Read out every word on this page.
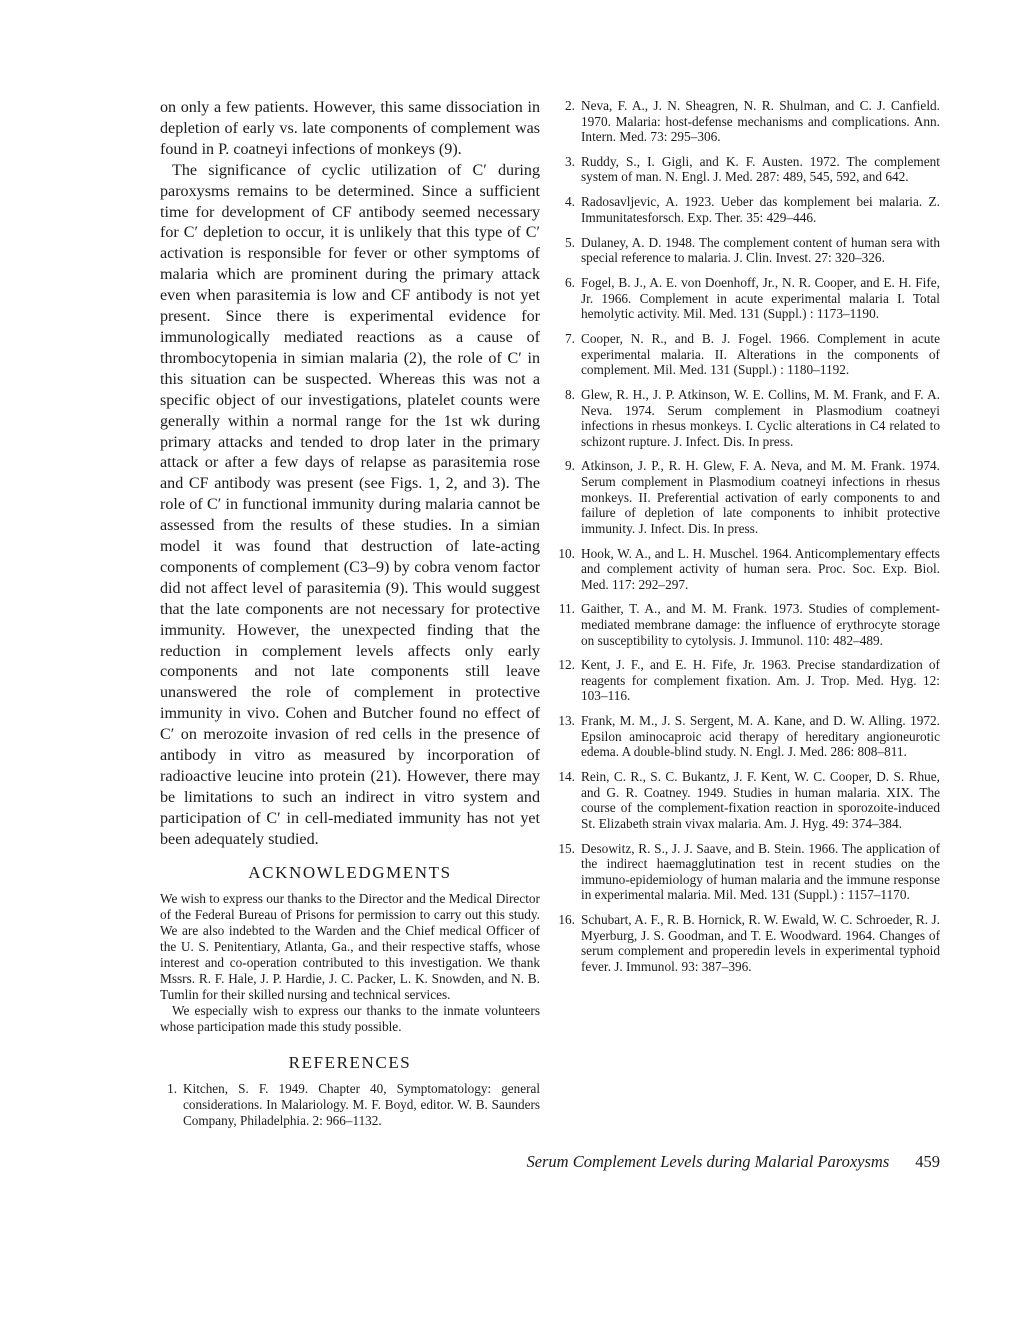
on only a few patients. However, this same dissociation in depletion of early vs. late components of complement was found in P. coatneyi infections of monkeys (9).

The significance of cyclic utilization of C′ during paroxysms remains to be determined. Since a sufficient time for development of CF antibody seemed necessary for C′ depletion to occur, it is unlikely that this type of C′ activation is responsible for fever or other symptoms of malaria which are prominent during the primary attack even when parasitemia is low and CF antibody is not yet present. Since there is experimental evidence for immunologically mediated reactions as a cause of thrombocytopenia in simian malaria (2), the role of C′ in this situation can be suspected. Whereas this was not a specific object of our investigations, platelet counts were generally within a normal range for the 1st wk during primary attacks and tended to drop later in the primary attack or after a few days of relapse as parasitemia rose and CF antibody was present (see Figs. 1, 2, and 3). The role of C′ in functional immunity during malaria cannot be assessed from the results of these studies. In a simian model it was found that destruction of late-acting components of complement (C3–9) by cobra venom factor did not affect level of parasitemia (9). This would suggest that the late components are not necessary for protective immunity. However, the unexpected finding that the reduction in complement levels affects only early components and not late components still leave unanswered the role of complement in protective immunity in vivo. Cohen and Butcher found no effect of C′ on merozoite invasion of red cells in the presence of antibody in vitro as measured by incorporation of radioactive leucine into protein (21). However, there may be limitations to such an indirect in vitro system and participation of C′ in cell-mediated immunity has not yet been adequately studied.

ACKNOWLEDGMENTS

We wish to express our thanks to the Director and the Medical Director of the Federal Bureau of Prisons for permission to carry out this study. We are also indebted to the Warden and the Chief medical Officer of the U. S. Penitentiary, Atlanta, Ga., and their respective staffs, whose interest and co-operation contributed to this investigation. We thank Mssrs. R. F. Hale, J. P. Hardie, J. C. Packer, L. K. Snowden, and N. B. Tumlin for their skilled nursing and technical services.

We especially wish to express our thanks to the inmate volunteers whose participation made this study possible.

REFERENCES
1. Kitchen, S. F. 1949. Chapter 40, Symptomatology: general considerations. In Malariology. M. F. Boyd, editor. W. B. Saunders Company, Philadelphia. 2: 966–1132.
2. Neva, F. A., J. N. Sheagren, N. R. Shulman, and C. J. Canfield. 1970. Malaria: host-defense mechanisms and complications. Ann. Intern. Med. 73: 295–306.
3. Ruddy, S., I. Gigli, and K. F. Austen. 1972. The complement system of man. N. Engl. J. Med. 287: 489, 545, 592, and 642.
4. Radosavljevic, A. 1923. Ueber das komplement bei malaria. Z. Immunitatesforsch. Exp. Ther. 35: 429–446.
5. Dulaney, A. D. 1948. The complement content of human sera with special reference to malaria. J. Clin. Invest. 27: 320–326.
6. Fogel, B. J., A. E. von Doenhoff, Jr., N. R. Cooper, and E. H. Fife, Jr. 1966. Complement in acute experimental malaria I. Total hemolytic activity. Mil. Med. 131 (Suppl.) : 1173–1190.
7. Cooper, N. R., and B. J. Fogel. 1966. Complement in acute experimental malaria. II. Alterations in the components of complement. Mil. Med. 131 (Suppl.) : 1180–1192.
8. Glew, R. H., J. P. Atkinson, W. E. Collins, M. M. Frank, and F. A. Neva. 1974. Serum complement in Plasmodium coatneyi infections in rhesus monkeys. I. Cyclic alterations in C4 related to schizont rupture. J. Infect. Dis. In press.
9. Atkinson, J. P., R. H. Glew, F. A. Neva, and M. M. Frank. 1974. Serum complement in Plasmodium coatneyi infections in rhesus monkeys. II. Preferential activation of early components to and failure of depletion of late components to inhibit protective immunity. J. Infect. Dis. In press.
10. Hook, W. A., and L. H. Muschel. 1964. Anticomplementary effects and complement activity of human sera. Proc. Soc. Exp. Biol. Med. 117: 292–297.
11. Gaither, T. A., and M. M. Frank. 1973. Studies of complement-mediated membrane damage: the influence of erythrocyte storage on susceptibility to cytolysis. J. Immunol. 110: 482–489.
12. Kent, J. F., and E. H. Fife, Jr. 1963. Precise standardization of reagents for complement fixation. Am. J. Trop. Med. Hyg. 12: 103–116.
13. Frank, M. M., J. S. Sergent, M. A. Kane, and D. W. Alling. 1972. Epsilon aminocaproic acid therapy of hereditary angioneurotic edema. A double-blind study. N. Engl. J. Med. 286: 808–811.
14. Rein, C. R., S. C. Bukantz, J. F. Kent, W. C. Cooper, D. S. Rhue, and G. R. Coatney. 1949. Studies in human malaria. XIX. The course of the complement-fixation reaction in sporozoite-induced St. Elizabeth strain vivax malaria. Am. J. Hyg. 49: 374–384.
15. Desowitz, R. S., J. J. Saave, and B. Stein. 1966. The application of the indirect haemagglutination test in recent studies on the immuno-epidemiology of human malaria and the immune response in experimental malaria. Mil. Med. 131 (Suppl.) : 1157–1170.
16. Schubart, A. F., R. B. Hornick, R. W. Ewald, W. C. Schroeder, R. J. Myerburg, J. S. Goodman, and T. E. Woodward. 1964. Changes of serum complement and properedin levels in experimental typhoid fever. J. Immunol. 93: 387–396.
Serum Complement Levels during Malarial Paroxysms 459
